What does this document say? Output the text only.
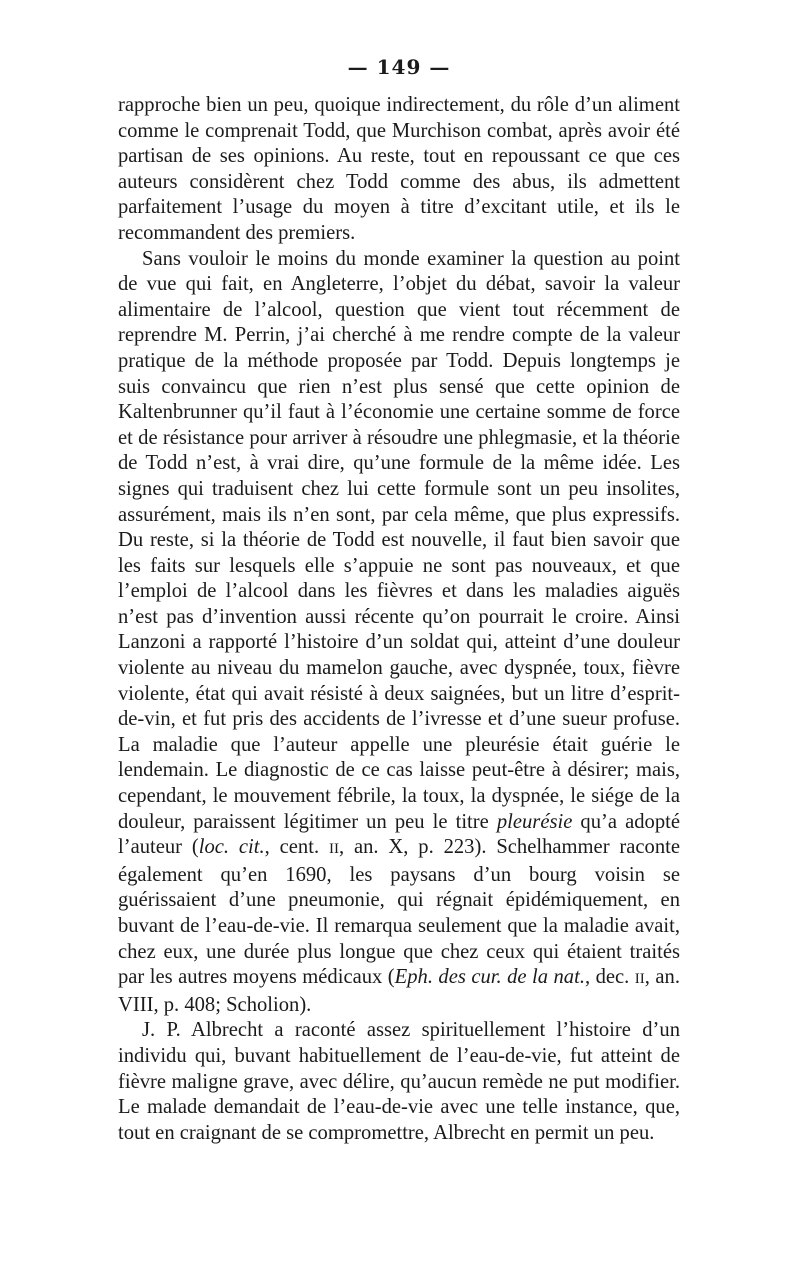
— 149 —

rapproche bien un peu, quoique indirectement, du rôle d’un aliment comme le comprenait Todd, que Murchison combat, après avoir été partisan de ses opinions. Au reste, tout en repoussant ce que ces auteurs considèrent chez Todd comme des abus, ils admettent parfaitement l’usage du moyen à titre d’excitant utile, et ils le recommandent des premiers.

Sans vouloir le moins du monde examiner la question au point de vue qui fait, en Angleterre, l’objet du débat, savoir la valeur alimentaire de l’alcool, question que vient tout récemment de reprendre M. Perrin, j’ai cherché à me rendre compte de la valeur pratique de la méthode proposée par Todd. Depuis longtemps je suis convaincu que rien n’est plus sensé que cette opinion de Kaltenbrunner qu’il faut à l’économie une certaine somme de force et de résistance pour arriver à résoudre une phlegmasie, et la théorie de Todd n’est, à vrai dire, qu’une formule de la même idée. Les signes qui traduisent chez lui cette formule sont un peu insolites, assurément, mais ils n’en sont, par cela même, que plus expressifs. Du reste, si la théorie de Todd est nouvelle, il faut bien savoir que les faits sur lesquels elle s’appuie ne sont pas nouveaux, et que l’emploi de l’alcool dans les fièvres et dans les maladies aiguës n’est pas d’invention aussi récente qu’on pourrait le croire. Ainsi Lanzoni a rapporté l’histoire d’un soldat qui, atteint d’une douleur violente au niveau du mamelon gauche, avec dyspnée, toux, fièvre violente, état qui avait résisté à deux saignées, but un litre d’esprit-de-vin, et fut pris des accidents de l’ivresse et d’une sueur profuse. La maladie que l’auteur appelle une pleurésie était guérie le lendemain. Le diagnostic de ce cas laisse peut-être à désirer; mais, cependant, le mouvement fébrile, la toux, la dyspnée, le siége de la douleur, paraissent légitimer un peu le titre pleurésie qu’a adopté l’auteur (loc. cit., cent. II, an. X, p. 223). Schelhammer raconte également qu’en 1690, les paysans d’un bourg voisin se guérissaient d’une pneumonie, qui régnait épidémiquement, en buvant de l’eau-de-vie. Il remarqua seulement que la maladie avait, chez eux, une durée plus longue que chez ceux qui étaient traités par les autres moyens médicaux (Eph. des cur. de la nat., dec. II, an. VIII, p. 408; Scholion).

J. P. Albrecht a raconté assez spirituellement l’histoire d’un individu qui, buvant habituellement de l’eau-de-vie, fut atteint de fièvre maligne grave, avec délire, qu’aucun remède ne put modifier. Le malade demandait de l’eau-de-vie avec une telle instance, que, tout en craignant de se compromettre, Albrecht en permit un peu.
